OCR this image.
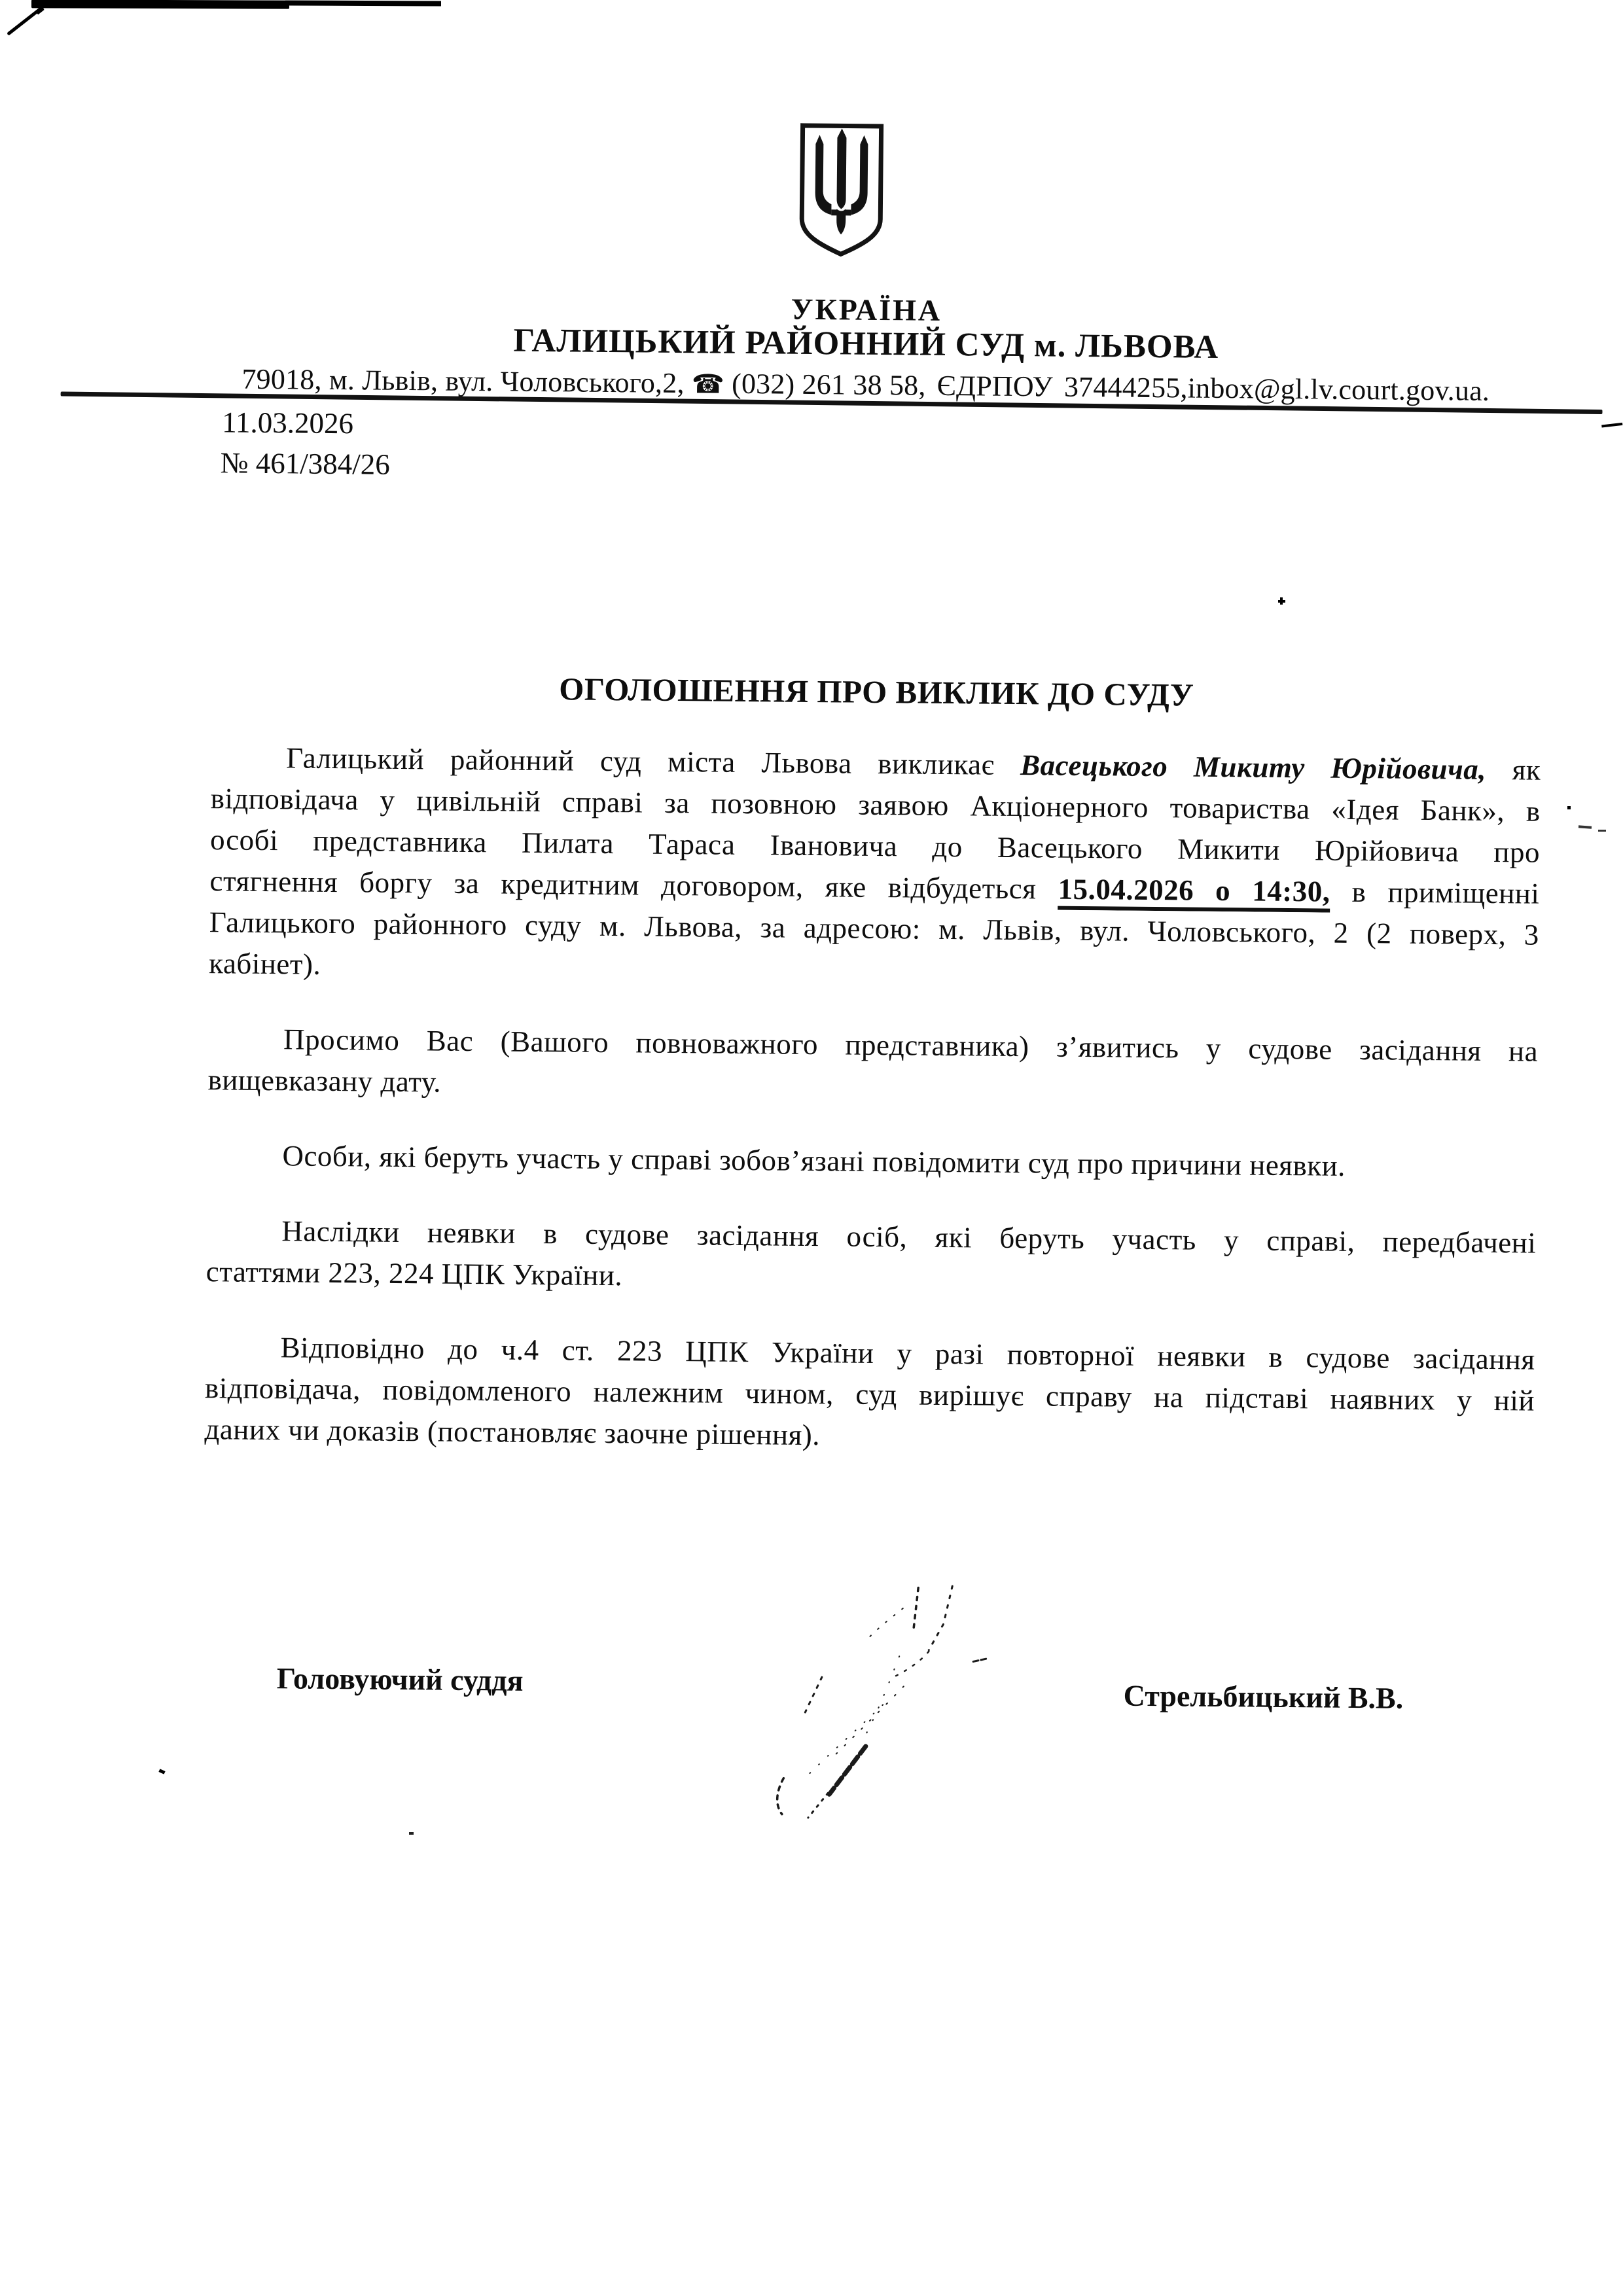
УКРАЇНА
ГАЛИЦЬКИЙ РАЙОННИЙ СУД м. ЛЬВОВА
79018, м. Львів, вул. Чоловського,2, ☎ (032) 261 38 58, ЄДРПОУ 37444255,inbox@gl.lv.court.gov.ua.
11.03.2026
№ 461/384/26
ОГОЛОШЕННЯ ПРО ВИКЛИК ДО СУДУ
Галицький районний суд міста Львова викликає Васецького Микиту Юрійовича, як
відповідача у цивільній справі за позовною заявою Акціонерного товариства «Ідея Банк», в
особі представника Пилата Тараса Івановича до Васецького Микити Юрійовича про
стягнення боргу за кредитним договором, яке відбудеться 15.04.2026 о 14:30, в приміщенні
Галицького районного суду м. Львова, за адресою: м. Львів, вул. Чоловського, 2 (2 поверх, 3
кабінет).
Просимо Вас (Вашого повноважного представника) з’явитись у судове засідання на
вищевказану дату.
Особи, які беруть участь у справі зобов’язані повідомити суд про причини неявки.
Наслідки неявки в судове засідання осіб, які беруть участь у справі, передбачені
статтями 223, 224 ЦПК України.
Відповідно до ч.4 ст. 223 ЦПК України у разі повторної неявки в судове засідання
відповідача, повідомленого належним чином, суд вирішує справу на підставі наявних у ній
даних чи доказів (постановляє заочне рішення).
Головуючий суддя	Стрельбицький В.В.
